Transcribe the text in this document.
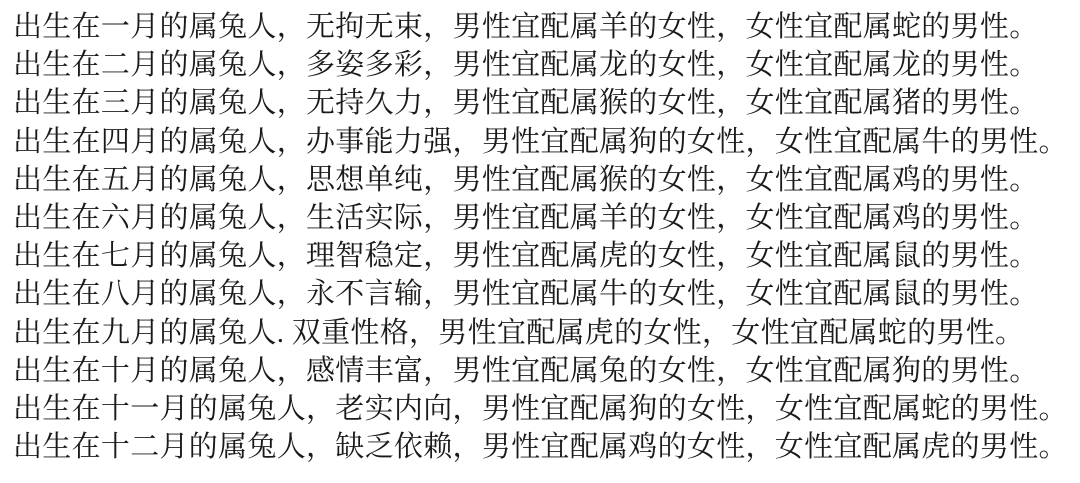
出生在一月的属兔人，无拘无束，男性宜配属羊的女性，女性宜配属蛇的男性。

出生在二月的属兔人，多姿多彩，男性宜配属龙的女性，女性宜配属龙的男性。

出生在三月的属兔人，无持久力，男性宜配属猴的女性，女性宜配属猪的男性。

出生在四月的属兔人，办事能力强，男性宜配属狗的女性，女性宜配属牛的男性。

出生在五月的属兔人，思想单纯，男性宜配属猴的女性，女性宜配属鸡的男性。

出生在六月的属兔人，生活实际，男性宜配属羊的女性，女性宜配属鸡的男性。

出生在七月的属兔人，理智稳定，男性宜配属虎的女性，女性宜配属鼠的男性。

出生在八月的属兔人，永不言输，男性宜配属牛的女性，女性宜配属鼠的男性。

出生在九月的属兔人. 双重性格，男性宜配属虎的女性，女性宜配属蛇的男性。

出生在十月的属兔人，感情丰富，男性宜配属兔的女性，女性宜配属狗的男性。

出生在十一月的属兔人，老实内向，男性宜配属狗的女性，女性宜配属蛇的男性。

出生在十二月的属兔人，缺乏依赖，男性宜配属鸡的女性，女性宜配属虎的男性。
